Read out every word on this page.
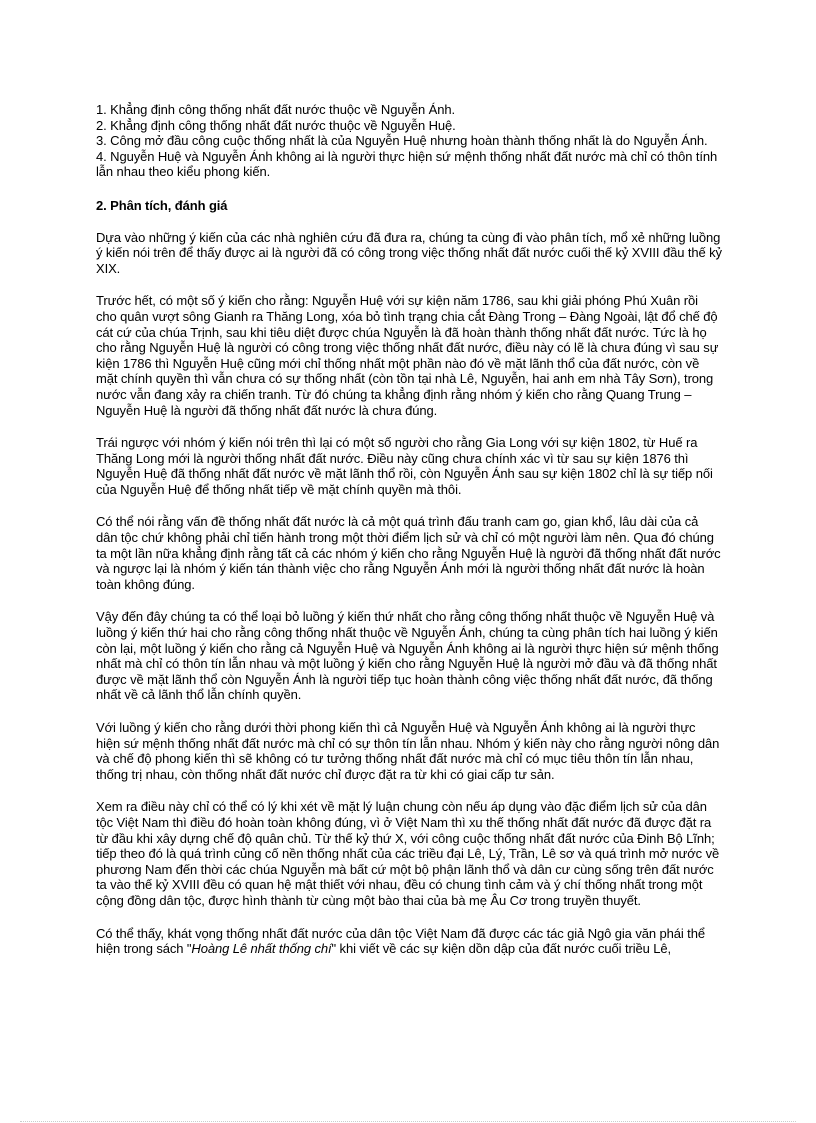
1. Khẳng định công thống nhất đất nước thuộc về Nguyễn Ánh.

2. Khẳng định công thống nhất đất nước thuộc về Nguyễn Huệ.

3. Công mở đầu công cuộc thống nhất là của Nguyễn Huệ nhưng hoàn thành thống nhất là do Nguyễn Ánh.

4. Nguyễn Huệ và Nguyễn Ánh không ai là người thực hiện sứ mệnh thống nhất đất nước mà chỉ có thôn tính lẫn nhau theo kiểu phong kiến.

2. Phân tích, đánh giá

Dựa vào những ý kiến của các nhà nghiên cứu đã đưa ra, chúng ta cùng đi vào phân tích, mổ xẻ những luồng ý kiến nói trên để thấy được ai là người đã có công trong việc thống nhất đất nước cuối thế kỷ XVIII đầu thế kỷ XIX.

Trước hết, có một số ý kiến cho rằng: Nguyễn Huệ với sự kiện năm 1786, sau khi giải phóng Phú Xuân rồi cho quân vượt sông Gianh ra Thăng Long, xóa bỏ tình trạng chia cắt Đàng Trong – Đàng Ngoài, lật đổ chế độ cát cứ của chúa Trịnh, sau khi tiêu diệt được chúa Nguyễn là đã hoàn thành thống nhất đất nước. Tức là họ cho rằng Nguyễn Huệ là người có công trong việc thống nhất đất nước, điều này có lẽ là chưa đúng vì sau sự kiện 1786 thì Nguyễn Huệ cũng mới chỉ thống nhất một phần nào đó về mặt lãnh thổ của đất nước, còn về mặt chính quyền thì vẫn chưa có sự thống nhất (còn tồn tại nhà Lê, Nguyễn, hai anh em nhà Tây Sơn), trong nước vẫn đang xảy ra chiến tranh. Từ đó chúng ta khẳng định rằng nhóm ý kiến cho rằng Quang Trung – Nguyễn Huệ là người đã thống nhất đất nước là chưa đúng.

Trái ngược với nhóm ý kiến nói trên thì lại có một số người cho rằng Gia Long với sự kiện 1802, từ Huế ra Thăng Long mới là người thống nhất đất nước. Điều này cũng chưa chính xác vì từ sau sự kiện 1876 thì Nguyễn Huệ đã thống nhất đất nước về mặt lãnh thổ rồi, còn Nguyễn Ánh sau sự kiện 1802 chỉ là sự tiếp nối của Nguyễn Huệ để thống nhất tiếp về mặt chính quyền mà thôi.

Có thể nói rằng vấn đề thống nhất đất nước là cả một quá trình đấu tranh cam go, gian khổ, lâu dài của cả dân tộc chứ không phải chỉ tiến hành trong một thời điểm lịch sử và chỉ có một người làm nên. Qua đó chúng ta một lần nữa khẳng định rằng tất cả các nhóm ý kiến cho rằng Nguyễn Huệ là người đã thống nhất đất nước và ngược lại là nhóm ý kiến tán thành việc cho rằng Nguyễn Ánh mới là người thống nhất đất nước là hoàn toàn không đúng.

Vậy đến đây chúng ta có thể loại bỏ luồng ý kiến thứ nhất cho rằng công thống nhất thuộc về Nguyễn Huệ và luồng ý kiến thứ hai cho rằng công thống nhất thuộc về Nguyễn Ánh, chúng ta cùng phân tích hai luồng ý kiến còn lại, một luồng ý kiến cho rằng cả Nguyễn Huệ và Nguyễn Ánh không ai là người thực hiện sứ mệnh thống nhất mà chỉ có thôn tín lẫn nhau và một luồng ý kiến cho rằng Nguyễn Huệ là người mở đầu và đã thống nhất được về mặt lãnh thổ còn Nguyễn Ánh là người tiếp tục hoàn thành công việc thống nhất đất nước, đã thống nhất về cả lãnh thổ lẫn chính quyền.

Với luồng ý kiến cho rằng dưới thời phong kiến thì cả Nguyễn Huệ và Nguyễn Ánh không ai là người thực hiện sứ mệnh thống nhất đất nước mà chỉ có sự thôn tín lẫn nhau. Nhóm ý kiến này cho rằng người nông dân và chế độ phong kiến thì sẽ không có tư tưởng thống nhất đất nước mà chỉ có mục tiêu thôn tín lẫn nhau, thống trị nhau, còn thống nhất đất nước chỉ được đặt ra từ khi có giai cấp tư sản.

Xem ra điều này chỉ có thể có lý khi xét về mặt lý luận chung còn nếu áp dụng vào đặc điểm lịch sử của dân tộc Việt Nam thì điều đó hoàn toàn không đúng, vì ở Việt Nam thì xu thế thống nhất đất nước đã được đặt ra từ đầu khi xây dựng chế độ quân chủ. Từ thế kỷ thứ X, với công cuộc thống nhất đất nước của Đinh Bộ Lĩnh; tiếp theo đó là quá trình củng cố nền thống nhất của các triều đại Lê, Lý, Trần, Lê sơ và quá trình mở nước về phương Nam đến thời các chúa Nguyễn mà bất cứ một bộ phận lãnh thổ và dân cư cùng sống trên đất nước ta vào thế kỷ XVIII đều có quan hệ mật thiết với nhau, đều có chung tình cảm và ý chí thống nhất trong một cộng đồng dân tộc, được hình thành từ cùng một bào thai của bà mẹ Âu Cơ trong truyền thuyết.

Có thể thấy, khát vọng thống nhất đất nước của dân tộc Việt Nam đã được các tác giả Ngô gia văn phái thể hiện trong sách "Hoàng Lê nhất thống chí" khi viết về các sự kiện dồn dập của đất nước cuối triều Lê,
